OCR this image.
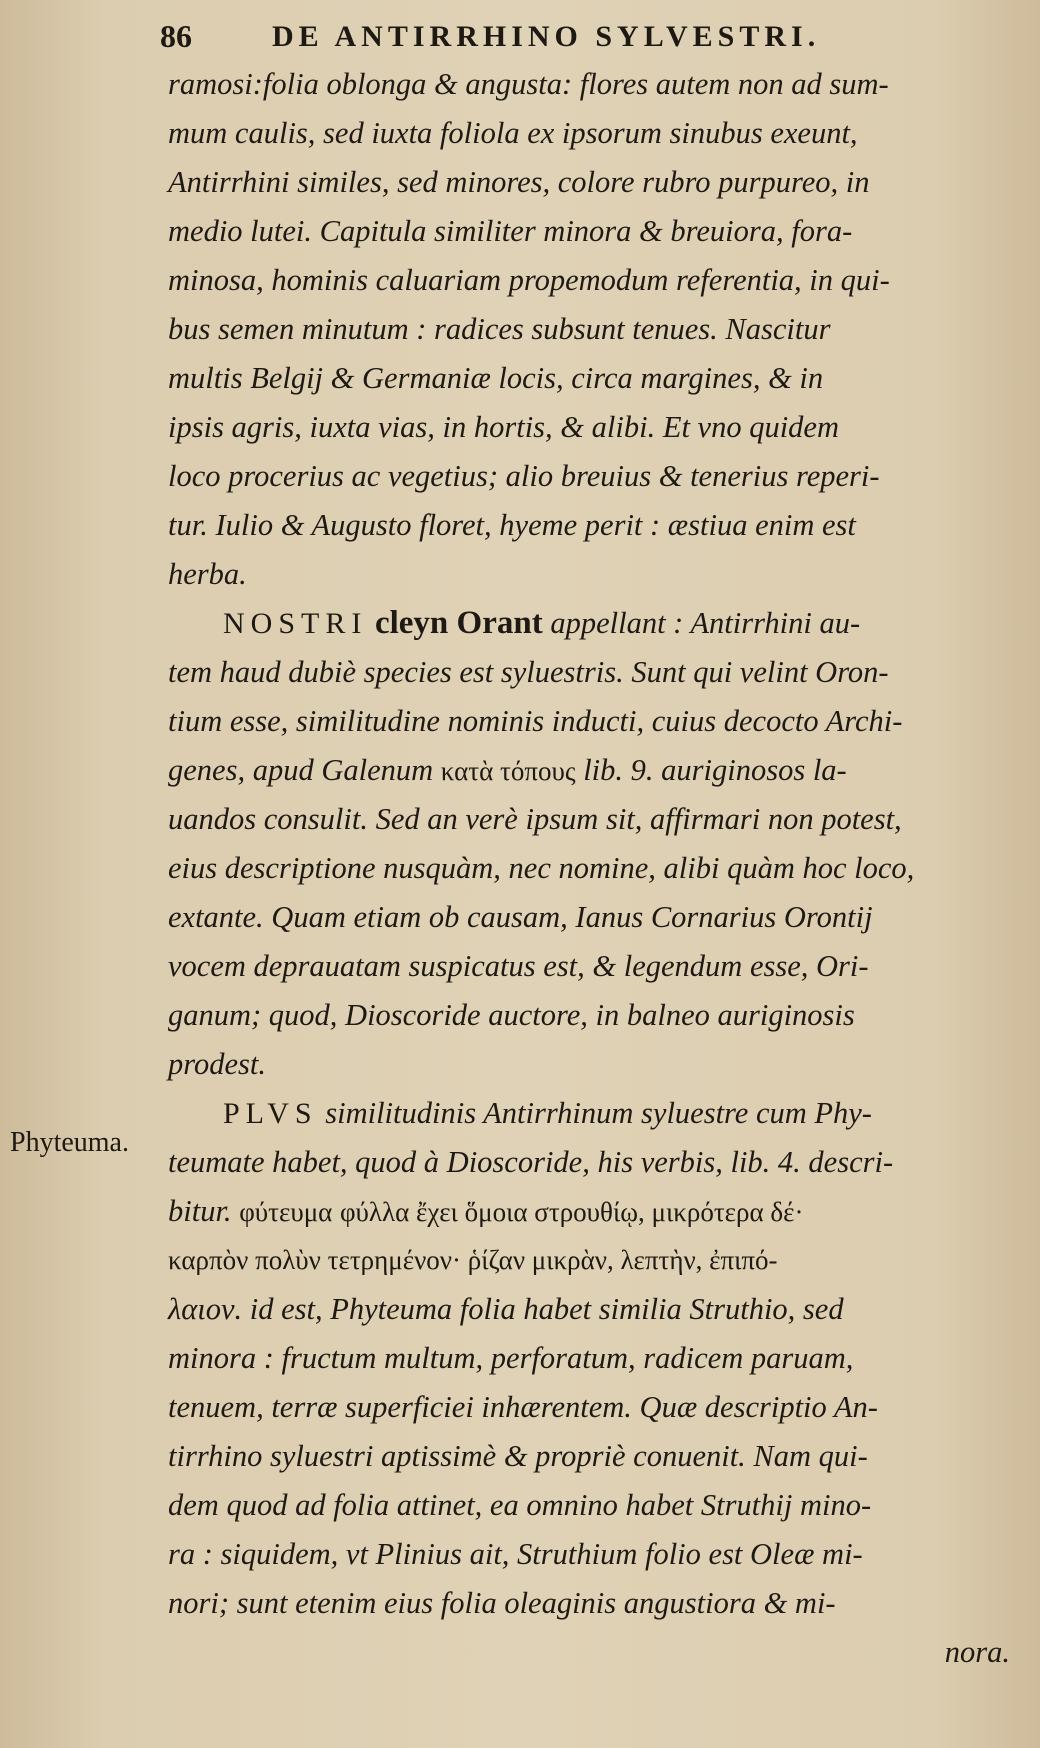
86	DE ANTIRRHINO SYLVESTRI.
Phyteuma.
ramosi:folia oblonga & angusta: flores autem non ad sum-
mum caulis, sed iuxta foliola ex ipsorum sinubus exeunt,
Antirrhini similes, sed minores, colore rubro purpureo, in
medio lutei. Capitula similiter minora & breuiora, fora-
minosa, hominis caluariam propemodum referentia, in qui-
bus semen minutum : radices subsunt tenues. Nascitur
multis Belgij & Germaniæ locis, circa margines, & in
ipsis agris, iuxta vias, in hortis, & alibi. Et vno quidem
loco procerius ac vegetius; alio breuius & tenerius reperi-
tur. Iulio & Augusto floret, hyeme perit : æstiua enim est
herba.
NOSTRI cleyn Orant appellant : Antirrhini au-
tem haud dubiè species est syluestris. Sunt qui velint Oron-
tium esse, similitudine nominis inducti, cuius decocto Archi-
genes, apud Galenum κατὰ τόπους lib. 9. auriginosos la-
uandos consulit. Sed an verè ipsum sit, affirmari non potest,
eius descriptione nusquàm, nec nomine, alibi quàm hoc loco,
extante. Quam etiam ob causam, Ianus Cornarius Orontij
vocem deprauatam suspicatus est, & legendum esse, Ori-
ganum; quod, Dioscoride auctore, in balneo auriginosis
prodest.
PLVS similitudinis Antirrhinum syluestre cum Phy-
teumate habet, quod à Dioscoride, his verbis, lib. 4. descri-
bitur. φύτευμα φύλλα ἔχει ὅμοια στρουθίῳ, μικρότερα δέ·
καρπὸν πολὺν τετρημένον· ῥίζαν μικρὰν, λεπτὴν, ἐπιπό-
λαιον. id est, Phyteuma folia habet similia Struthio, sed
minora : fructum multum, perforatum, radicem paruam,
tenuem, terræ superficiei inhærentem. Quæ descriptio An-
tirrhino syluestri aptissimè & propriè conuenit. Nam qui-
dem quod ad folia attinet, ea omnino habet Struthij mino-
ra : siquidem, vt Plinius ait, Struthium folio est Oleæ mi-
nori; sunt etenim eius folia oleaginis angustiora & mi-
nora.
